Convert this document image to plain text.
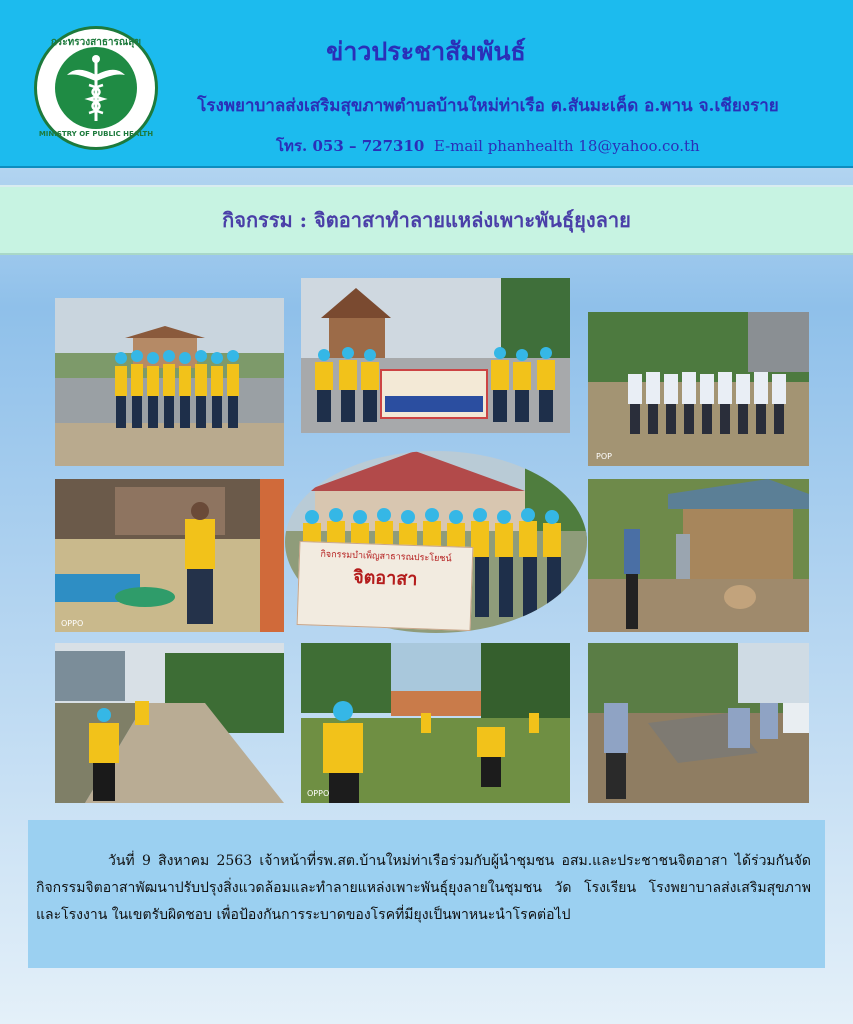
กระทรวงสาธารณสุข
MINISTRY OF PUBLIC HEALTH
ข่าวประชาสัมพันธ์
โรงพยาบาลส่งเสริมสุขภาพตำบลบ้านใหม่ท่าเรือ ต.สันมะเค็ด อ.พาน จ.เชียงราย
โทร. 053 – 727310 E-mail phanhealth 18@yahoo.co.th
กิจกรรม : จิตอาสาทำลายแหล่งเพาะพันธุ์ยุงลาย
POP
OPPO
กิจกรรมบำเพ็ญสาธารณประโยชน์
จิตอาสา
OPPO
วันที่ 9 สิงหาคม 2563 เจ้าหน้าที่รพ.สต.บ้านใหม่ท่าเรือร่วมกับผู้นำชุมชน อสม.และประชาชนจิตอาสา ได้ร่วมกันจัดกิจกรรมจิตอาสาพัฒนาปรับปรุงสิ่งแวดล้อมและทำลายแหล่งเพาะพันธุ์ยุงลายในชุมชน วัด โรงเรียน โรงพยาบาลส่งเสริมสุขภาพ และโรงงาน ในเขตรับผิดชอบ เพื่อป้องกันการระบาดของโรคที่มียุงเป็นพาหนะนำโรคต่อไป
